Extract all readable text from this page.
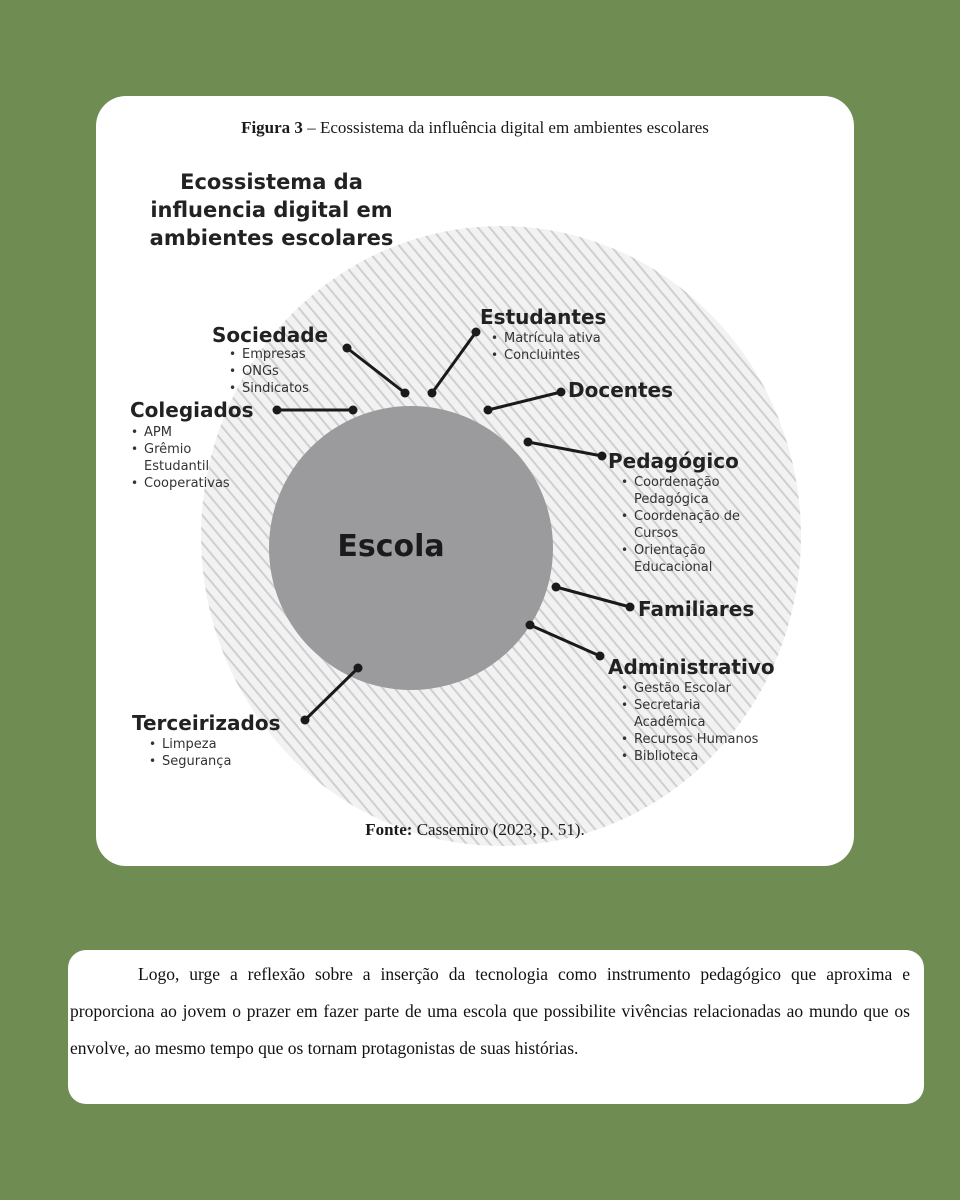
Figura 3 – Ecossistema da influência digital em ambientes escolares
Ecossistema da influencia digital em ambientes escolares
Escola
Sociedade
• Empresas
• ONGs
• Sindicatos
Estudantes
• Matrícula ativa
• Concluintes
Docentes
Colegiados
• APM
• Grêmio Estudantil
• Cooperativas
Pedagógico
• Coordenação Pedagógica
• Coordenação de Cursos
• Orientação Educacional
Familiares
Administrativo
• Gestão Escolar
• Secretaria Acadêmica
• Recursos Humanos
• Biblioteca
Terceirizados
• Limpeza
• Segurança
Fonte: Cassemiro (2023, p. 51).

Logo, urge a reflexão sobre a inserção da tecnologia como instrumento pedagógico que aproxima e proporciona ao jovem o prazer em fazer parte de uma escola que possibilite vivências relacionadas ao mundo que os envolve, ao mesmo tempo que os tornam protagonistas de suas histórias.
